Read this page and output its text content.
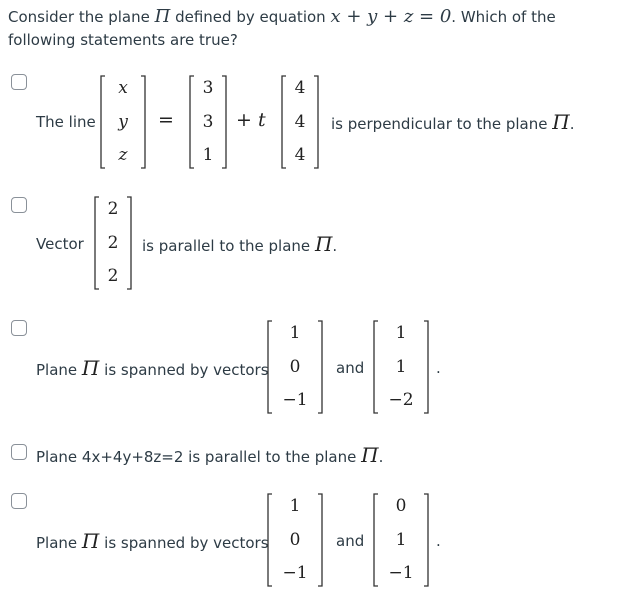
Consider the plane Π defined by equation x + y + z = 0. Which of the
following statements are true?
The line
x
y
z
=
3
3
1
+ t
4
4
4
is perpendicular to the plane Π.
Vector
2
2
2
is parallel to the plane Π.
Plane Π is spanned by vectors
1
0
−1
and
1
1
−2
.
Plane 4x+4y+8z=2 is parallel to the plane Π.
Plane Π is spanned by vectors
1
0
−1
and
0
1
−1
.
